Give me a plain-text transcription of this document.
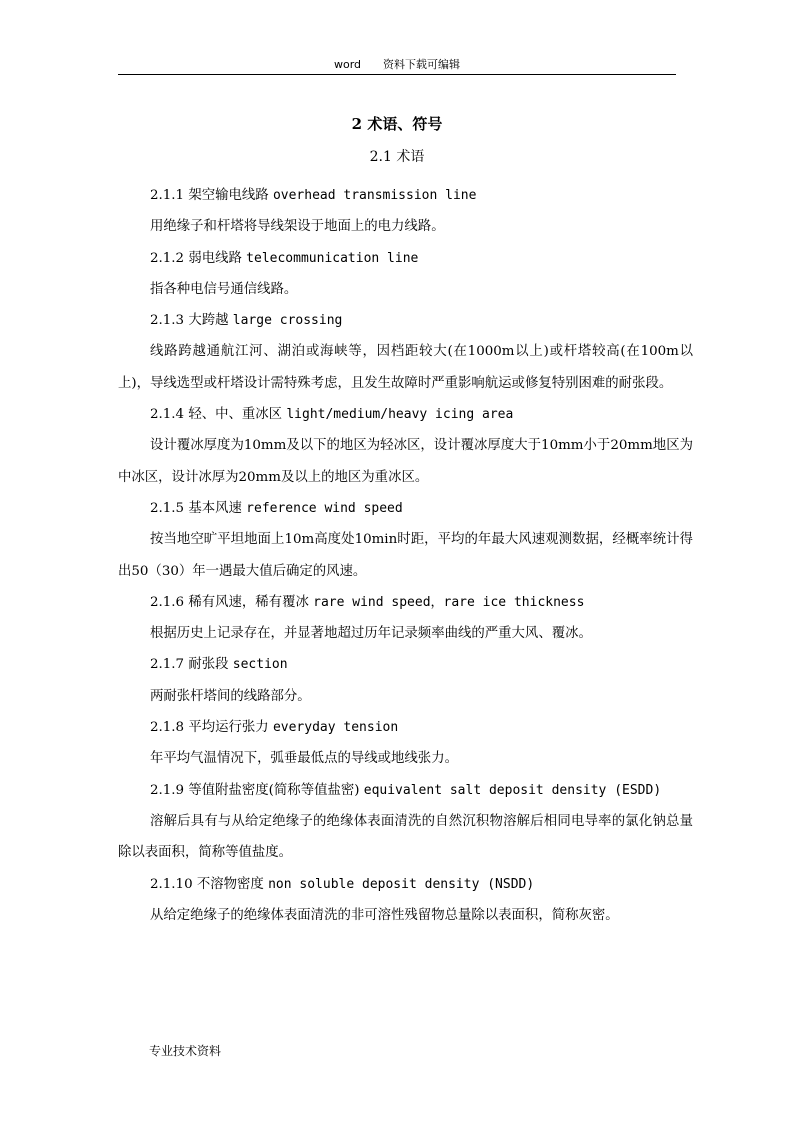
word 资料下载可编辑
2 术语、符号
2.1 术语
2.1.1 架空输电线路 overhead transmission line
用绝缘子和杆塔将导线架设于地面上的电力线路。
2.1.2 弱电线路 telecommunication line
指各种电信号通信线路。
2.1.3 大跨越 large crossing
线路跨越通航江河、湖泊或海峡等，因档距较大(在1000m以上)或杆塔较高(在100m以上)，导线选型或杆塔设计需特殊考虑，且发生故障时严重影响航运或修复特别困难的耐张段。
2.1.4 轻、中、重冰区 light/medium/heavy icing area
设计覆冰厚度为10mm及以下的地区为轻冰区，设计覆冰厚度大于10mm小于20mm地区为中冰区，设计冰厚为20mm及以上的地区为重冰区。
2.1.5 基本风速 reference wind speed
按当地空旷平坦地面上10m高度处10min时距，平均的年最大风速观测数据，经概率统计得出50（30）年一遇最大值后确定的风速。
2.1.6 稀有风速，稀有覆冰 rare wind speed，rare ice thickness
根据历史上记录存在，并显著地超过历年记录频率曲线的严重大风、覆冰。
2.1.7 耐张段 section
两耐张杆塔间的线路部分。
2.1.8 平均运行张力 everyday tension
年平均气温情况下，弧垂最低点的导线或地线张力。
2.1.9 等值附盐密度(简称等值盐密) equivalent salt deposit density (ESDD)
溶解后具有与从给定绝缘子的绝缘体表面清洗的自然沉积物溶解后相同电导率的氯化钠总量除以表面积，简称等值盐度。
2.1.10 不溶物密度 non soluble deposit density (NSDD)
从给定绝缘子的绝缘体表面清洗的非可溶性残留物总量除以表面积，简称灰密。
专业技术资料
